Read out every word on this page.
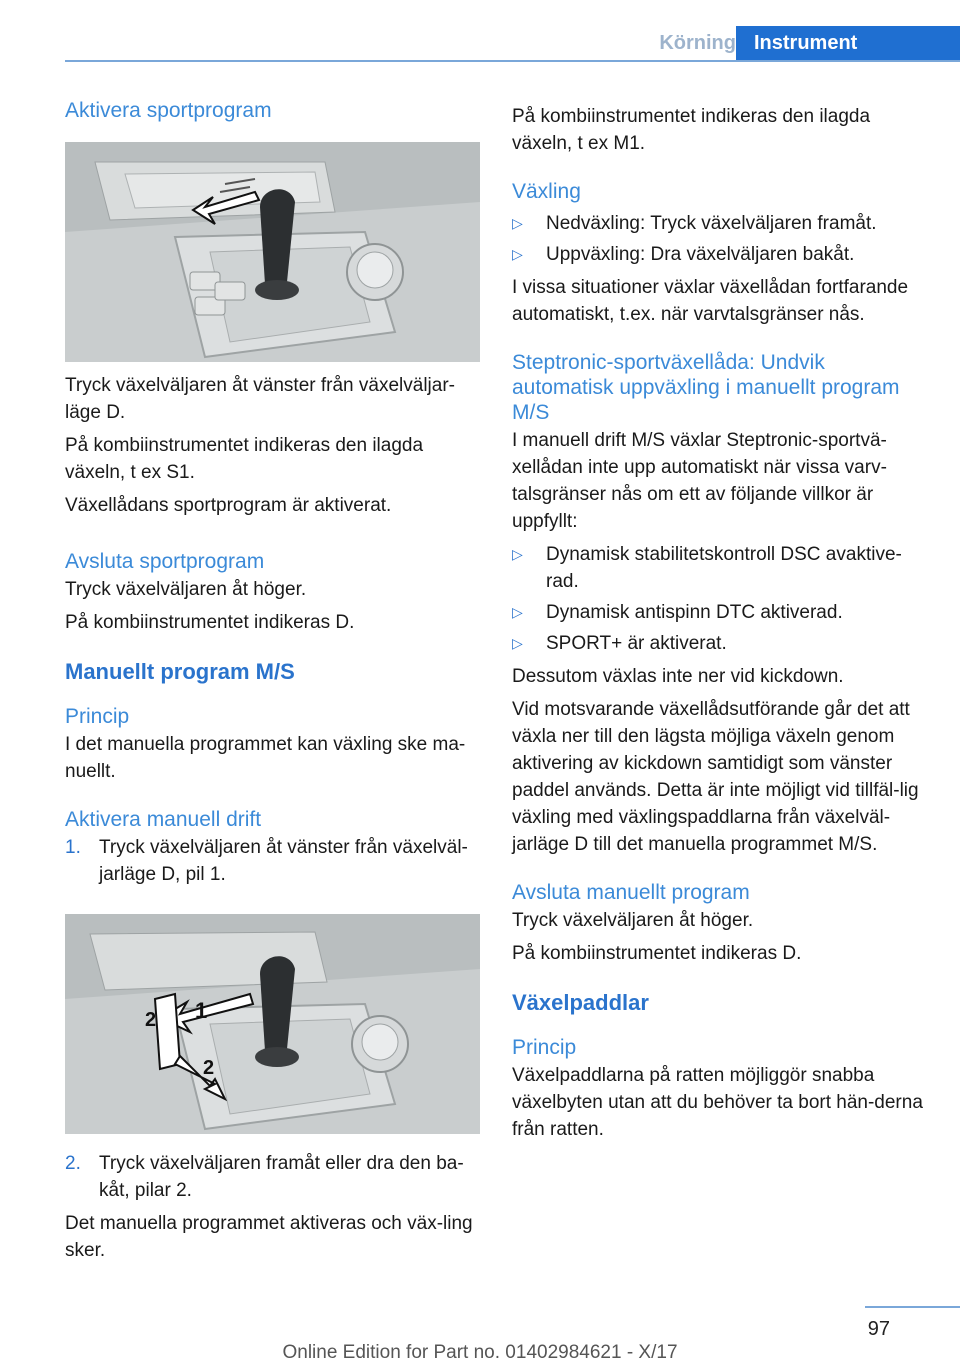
Körning Instrument
Aktivera sportprogram

Tryck växelväljaren åt vänster från växelväljar‐läge D.

På kombiinstrumentet indikeras den ilagda växeln, t ex S1.

Växellådans sportprogram är aktiverat.

Avsluta sportprogram

Tryck växelväljaren åt höger.

På kombiinstrumentet indikeras D.

Manuellt program M/S
Princip

I det manuella programmet kan växling ske ma‐nuellt.

Aktivera manuell drift
1. Tryck växelväljaren åt vänster från växelväl‐jarläge D, pil 1.
1
2
2
2. Tryck växelväljaren framåt eller dra den ba‐kåt, pilar 2.

Det manuella programmet aktiveras och väx‐ling sker.

På kombiinstrumentet indikeras den ilagda växeln, t ex M1.

Växling
▷ Nedväxling: Tryck växelväljaren framåt.
▷ Uppväxling: Dra växelväljaren bakåt.

I vissa situationer växlar växellådan fortfarande automatiskt, t.ex. när varvtalsgränser nås.

Steptronic-sportväxellåda: Undvik automatisk uppväxling i manuellt program M/S

I manuell drift M/S växlar Steptronic-sportvä‐xellådan inte upp automatiskt när vissa varv‐talsgränser nås om ett av följande villkor är uppfyllt:

▷ Dynamisk stabilitetskontroll DSC avaktive‐rad.
▷ Dynamisk antispinn DTC aktiverad.
▷ SPORT+ är aktiverat.

Dessutom växlas inte ner vid kickdown.

Vid motsvarande växellådsutförande går det att växla ner till den lägsta möjliga växeln genom aktivering av kickdown samtidigt som vänster paddel används. Detta är inte möjligt vid tillfäl‐lig växling med växlingspaddlarna från växelväl‐jarläge D till det manuella programmet M/S.

Avsluta manuellt program

Tryck växelväljaren åt höger.

På kombiinstrumentet indikeras D.

Växelpaddlar
Princip

Växelpaddlarna på ratten möjliggör snabba växelbyten utan att du behöver ta bort hän‐derna från ratten.

97
Online Edition for Part no. 01402984621 - X/17
